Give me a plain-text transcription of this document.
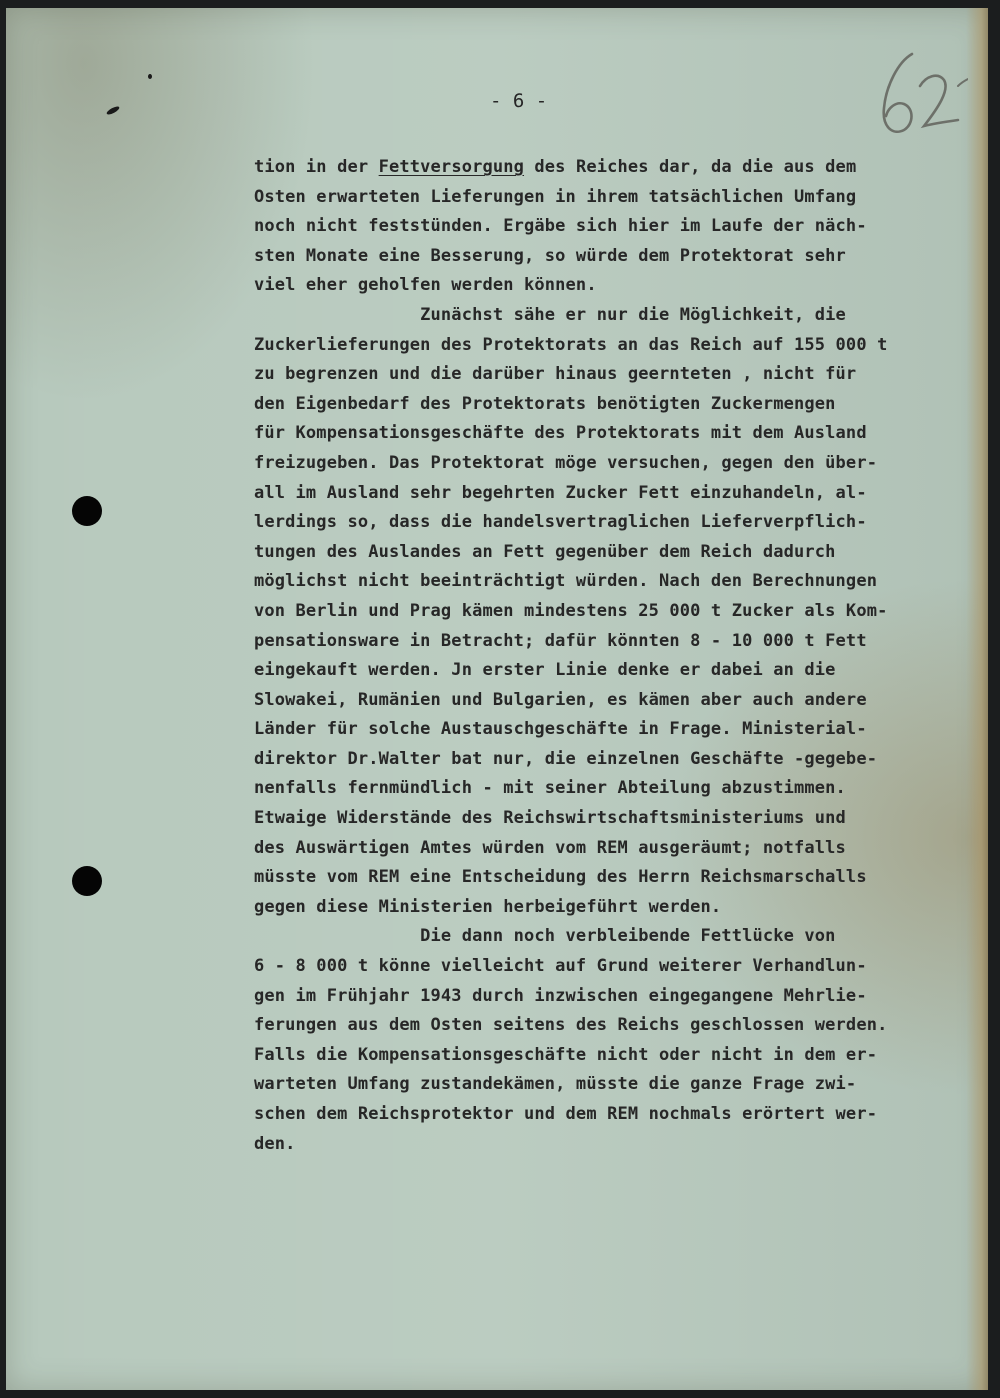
- 6 -
tion in der Fettversorgung des Reiches dar, da die aus dem
Osten erwarteten Lieferungen in ihrem tatsächlichen Umfang
noch nicht feststünden. Ergäbe sich hier im Laufe der näch-
sten Monate eine Besserung, so würde dem Protektorat sehr
viel eher geholfen werden können.
Zunächst sähe er nur die Möglichkeit, die
Zuckerlieferungen des Protektorats an das Reich auf 155 000 t
zu begrenzen und die darüber hinaus geernteten , nicht für
den Eigenbedarf des Protektorats benötigten Zuckermengen
für Kompensationsgeschäfte des Protektorats mit dem Ausland
freizugeben. Das Protektorat möge versuchen, gegen den über-
all im Ausland sehr begehrten Zucker Fett einzuhandeln, al-
lerdings so, dass die handelsvertraglichen Lieferverpflich-
tungen des Auslandes an Fett gegenüber dem Reich dadurch
möglichst nicht beeinträchtigt würden. Nach den Berechnungen
von Berlin und Prag kämen mindestens 25 000 t Zucker als Kom-
pensationsware in Betracht; dafür könnten 8 - 10 000 t Fett
eingekauft werden. Jn erster Linie denke er dabei an die
Slowakei, Rumänien und Bulgarien, es kämen aber auch andere
Länder für solche Austauschgeschäfte in Frage. Ministerial-
direktor Dr.Walter bat nur, die einzelnen Geschäfte -gegebe-
nenfalls fernmündlich - mit seiner Abteilung abzustimmen.
Etwaige Widerstände des Reichswirtschaftsministeriums und
des Auswärtigen Amtes würden vom REM ausgeräumt; notfalls
müsste vom REM eine Entscheidung des Herrn Reichsmarschalls
gegen diese Ministerien herbeigeführt werden.
Die dann noch verbleibende Fettlücke von
6 - 8 000 t könne vielleicht auf Grund weiterer Verhandlun-
gen im Frühjahr 1943 durch inzwischen eingegangene Mehrlie-
ferungen aus dem Osten seitens des Reichs geschlossen werden.
Falls die Kompensationsgeschäfte nicht oder nicht in dem er-
warteten Umfang zustandekämen, müsste die ganze Frage zwi-
schen dem Reichsprotektor und dem REM nochmals erörtert wer-
den.
